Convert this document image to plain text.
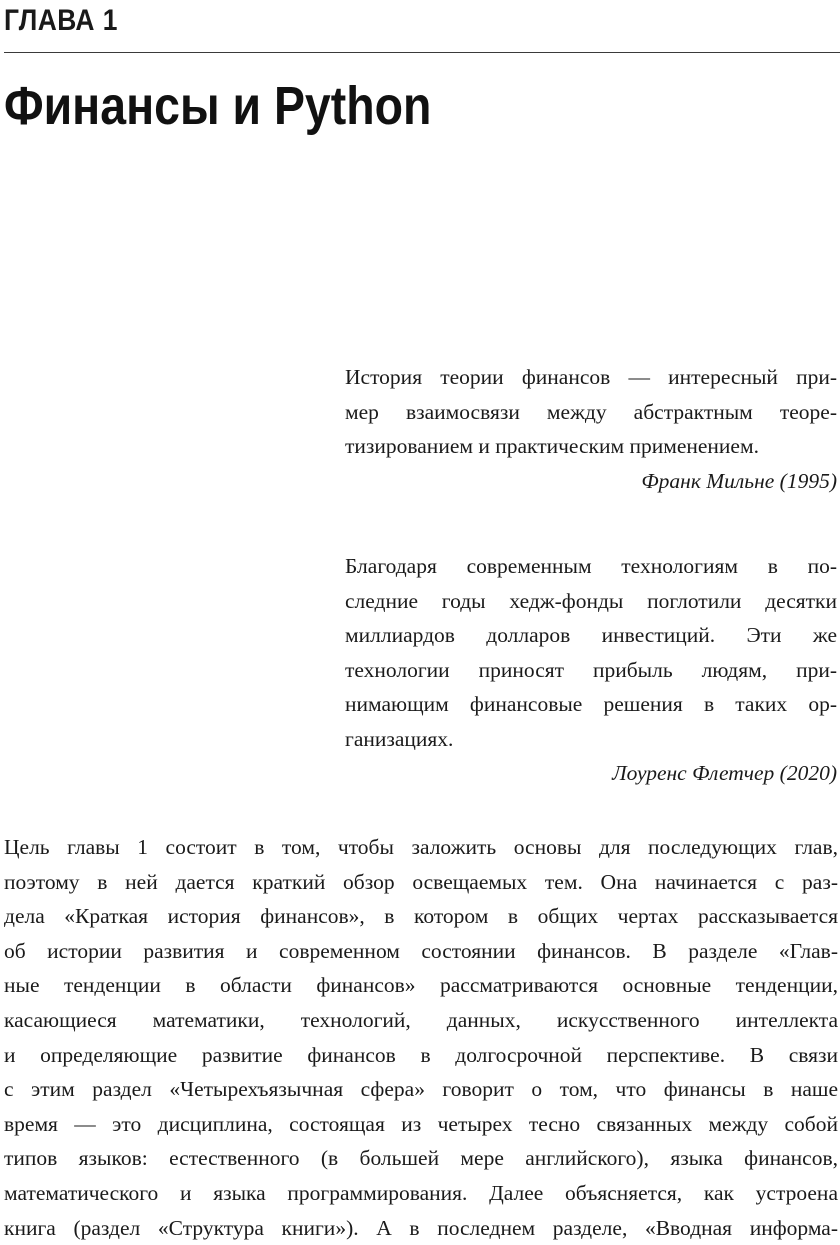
ГЛАВА 1
Финансы и Python
История теории финансов — интересный при-
мер взаимосвязи между абстрактным теоре-
тизированием и практическим применением.
Франк Мильне (1995)
Благодаря современным технологиям в по-
следние годы хедж-фонды поглотили десятки
миллиардов долларов инвестиций. Эти же
технологии приносят прибыль людям, при-
нимающим финансовые решения в таких ор-
ганизациях.
Лоуренс Флетчер (2020)
Цель главы 1 состоит в том, чтобы заложить основы для последующих глав,
поэтому в ней дается краткий обзор освещаемых тем. Она начинается с раз-
дела «Краткая история финансов», в котором в общих чертах рассказывается
об истории развития и современном состоянии финансов. В разделе «Глав-
ные тенденции в области финансов» рассматриваются основные тенденции,
касающиеся математики, технологий, данных, искусственного интеллекта
и определяющие развитие финансов в долгосрочной перспективе. В связи
с этим раздел «Четырехъязычная сфера» говорит о том, что финансы в наше
время — это дисциплина, состоящая из четырех тесно связанных между собой
типов языков: естественного (в большей мере английского), языка финансов,
математического и языка программирования. Далее объясняется, как устроена
книга (раздел «Структура книги»). А в последнем разделе, «Вводная информа-
